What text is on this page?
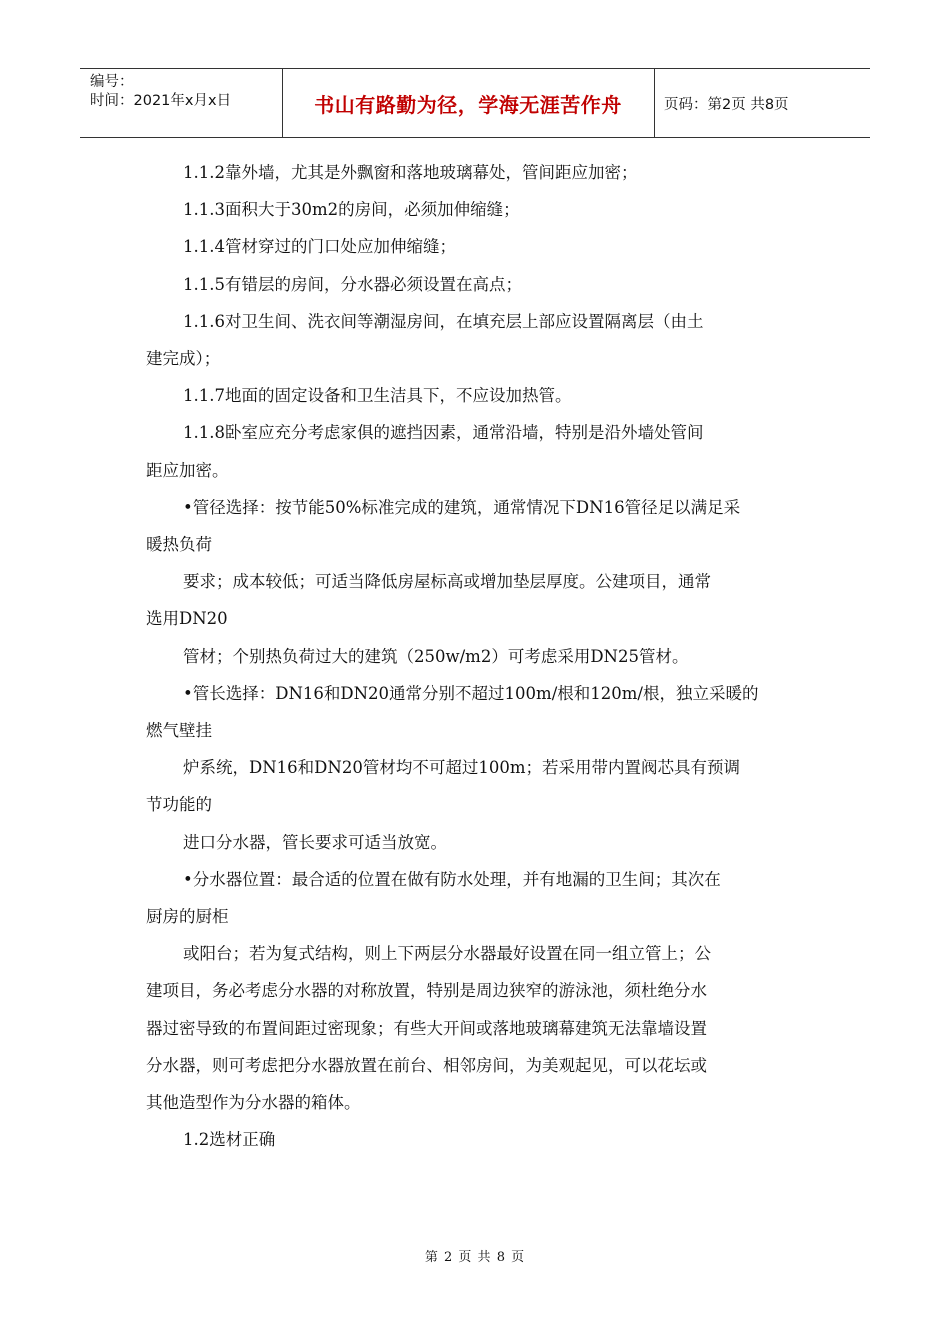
编号：
时间：2021年x月x日	书山有路勤为径，学海无涯苦作舟	页码：第2页 共8页

1.1.2靠外墙，尤其是外飘窗和落地玻璃幕处，管间距应加密；

1.1.3面积大于30m2的房间，必须加伸缩缝；

1.1.4管材穿过的门口处应加伸缩缝；

1.1.5有错层的房间，分水器必须设置在高点；

1.1.6对卫生间、洗衣间等潮湿房间，在填充层上部应设置隔离层（由土

建完成）；

1.1.7地面的固定设备和卫生洁具下，不应设加热管。

1.1.8卧室应充分考虑家俱的遮挡因素，通常沿墙，特别是沿外墙处管间

距应加密。

•管径选择：按节能50%标准完成的建筑，通常情况下DN16管径足以满足采

暖热负荷

要求；成本较低；可适当降低房屋标高或增加垫层厚度。公建项目，通常

选用DN20

管材；个别热负荷过大的建筑（250w/m2）可考虑采用DN25管材。

•管长选择：DN16和DN20通常分别不超过100m/根和120m/根，独立采暖的

燃气壁挂

炉系统，DN16和DN20管材均不可超过100m；若采用带内置阀芯具有预调

节功能的

进口分水器，管长要求可适当放宽。

•分水器位置：最合适的位置在做有防水处理，并有地漏的卫生间；其次在

厨房的厨柜

或阳台；若为复式结构，则上下两层分水器最好设置在同一组立管上；公

建项目，务必考虑分水器的对称放置，特别是周边狭窄的游泳池，须杜绝分水

器过密导致的布置间距过密现象；有些大开间或落地玻璃幕建筑无法靠墙设置

分水器，则可考虑把分水器放置在前台、相邻房间，为美观起见，可以花坛或

其他造型作为分水器的箱体。

1.2选材正确

第 2 页 共 8 页
